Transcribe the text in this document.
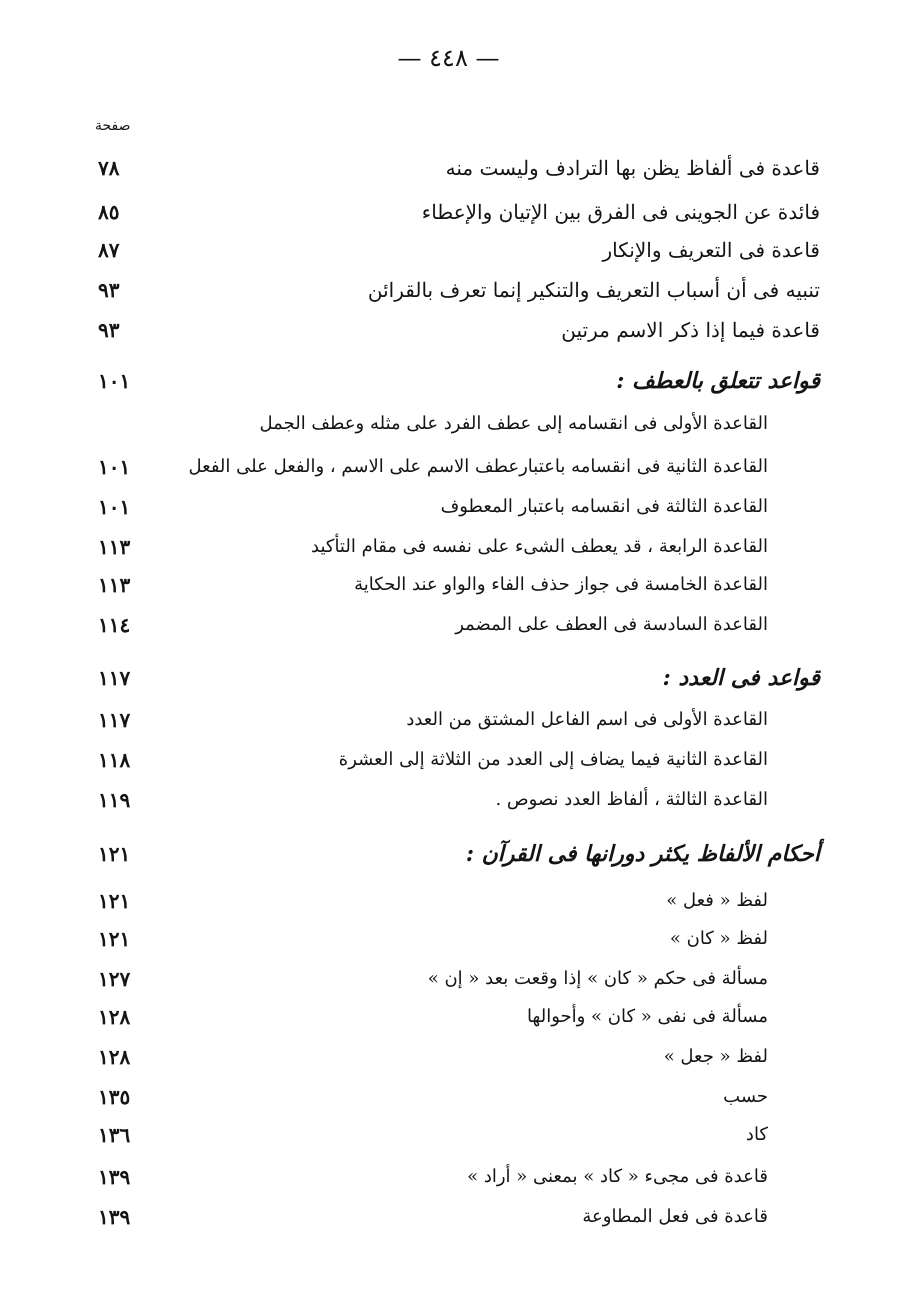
— ٤٤٨ —
صفحة
قاعدة فى ألفاظ يظن بها الترادف وليست منه
٧٨
فائدة عن الجوينى فى الفرق بين الإتيان والإعطاء
٨٥
قاعدة فى التعريف والإنكار
٨٧
تنبيه فى أن أسباب التعريف والتنكير إنما تعرف بالقرائن
٩٣
قاعدة فيما إذا ذكر الاسم مرتين
٩٣
قواعد تتعلق بالعطف :
١٠١
القاعدة الأولى فى انقسامه إلى عطف الفرد على مثله وعطف الجمل
القاعدة الثانية فى انقسامه باعتبارعطف الاسم على الاسم ، والفعل على الفعل
١٠١
القاعدة الثالثة فى انقسامه باعتبار المعطوف
١٠١
القاعدة الرابعة ، قد يعطف الشىء على نفسه فى مقام التأكيد
١١٣
القاعدة الخامسة فى جواز حذف الفاء والواو عند الحكاية
١١٣
القاعدة السادسة فى العطف على المضمر
١١٤
قواعد فى العدد :
١١٧
القاعدة الأولى فى اسم الفاعل المشتق من العدد
١١٧
القاعدة الثانية فيما يضاف إلى العدد من الثلاثة إلى العشرة
١١٨
القاعدة الثالثة ، ألفاظ العدد نصوص .
١١٩
أحكام الألفاظ يكثر دورانها فى القرآن :
١٢١
لفظ « فعل »
١٢١
لفظ « كان »
١٢١
مسألة فى حكم « كان » إذا وقعت بعد « إن »
١٢٧
مسألة فى نفى « كان » وأحوالها
١٢٨
لفظ « جعل »
١٢٨
حسب
١٣٥
كاد
١٣٦
قاعدة فى مجىء « كاد » بمعنى « أراد »
١٣٩
قاعدة فى فعل المطاوعة
١٣٩
